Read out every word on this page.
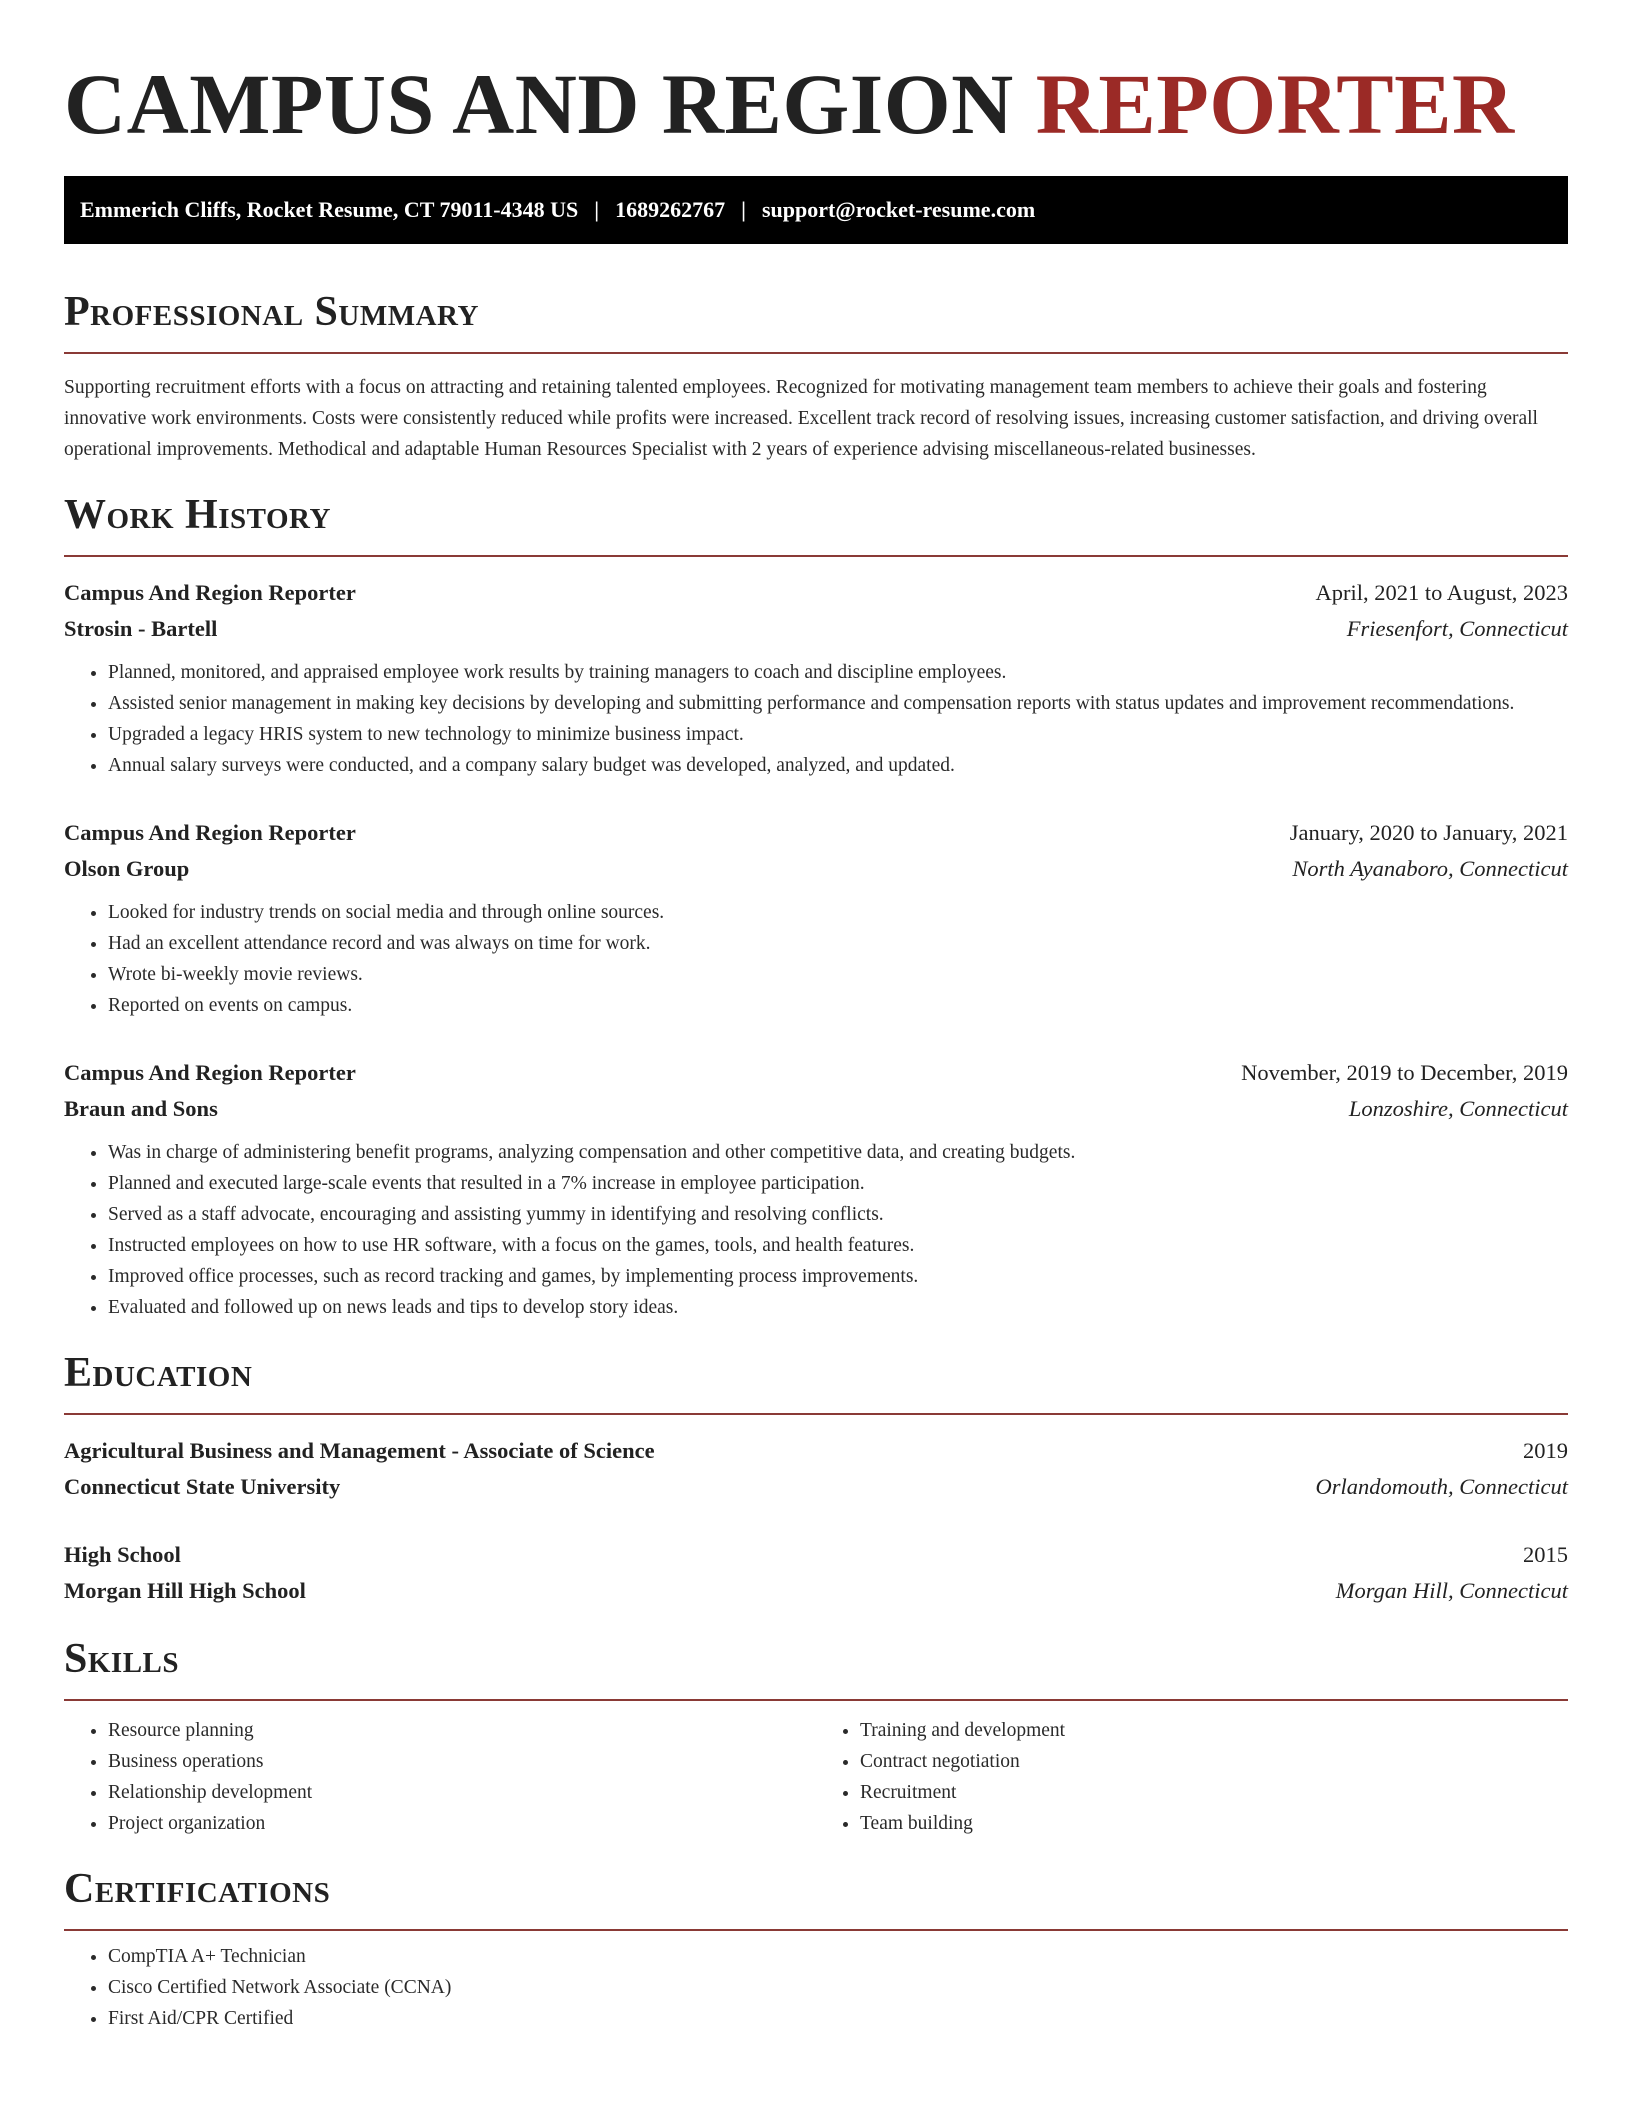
CAMPUS AND REGION REPORTER
Emmerich Cliffs, Rocket Resume, CT 79011-4348 US | 1689262767 | support@rocket-resume.com
Professional Summary

Supporting recruitment efforts with a focus on attracting and retaining talented employees. Recognized for motivating management team members to achieve their goals and fostering innovative work environments. Costs were consistently reduced while profits were increased. Excellent track record of resolving issues, increasing customer satisfaction, and driving overall operational improvements. Methodical and adaptable Human Resources Specialist with 2 years of experience advising miscellaneous-related businesses.

Work History
Campus And Region Reporter	April, 2021 to August, 2023
Strosin - Bartell	Friesenfort, Connecticut
• Planned, monitored, and appraised employee work results by training managers to coach and discipline employees.
• Assisted senior management in making key decisions by developing and submitting performance and compensation reports with status updates and improvement recommendations.
• Upgraded a legacy HRIS system to new technology to minimize business impact.
• Annual salary surveys were conducted, and a company salary budget was developed, analyzed, and updated.
Campus And Region Reporter	January, 2020 to January, 2021
Olson Group	North Ayanaboro, Connecticut
• Looked for industry trends on social media and through online sources.
• Had an excellent attendance record and was always on time for work.
• Wrote bi-weekly movie reviews.
• Reported on events on campus.
Campus And Region Reporter	November, 2019 to December, 2019
Braun and Sons	Lonzoshire, Connecticut
• Was in charge of administering benefit programs, analyzing compensation and other competitive data, and creating budgets.
• Planned and executed large-scale events that resulted in a 7% increase in employee participation.
• Served as a staff advocate, encouraging and assisting yummy in identifying and resolving conflicts.
• Instructed employees on how to use HR software, with a focus on the games, tools, and health features.
• Improved office processes, such as record tracking and games, by implementing process improvements.
• Evaluated and followed up on news leads and tips to develop story ideas.
Education
Agricultural Business and Management - Associate of Science	2019
Connecticut State University	Orlandomouth, Connecticut
High School	2015
Morgan Hill High School	Morgan Hill, Connecticut
Skills
• Resource planning
• Business operations
• Relationship development
• Project organization
• Training and development
• Contract negotiation
• Recruitment
• Team building
Certifications
• CompTIA A+ Technician
• Cisco Certified Network Associate (CCNA)
• First Aid/CPR Certified
